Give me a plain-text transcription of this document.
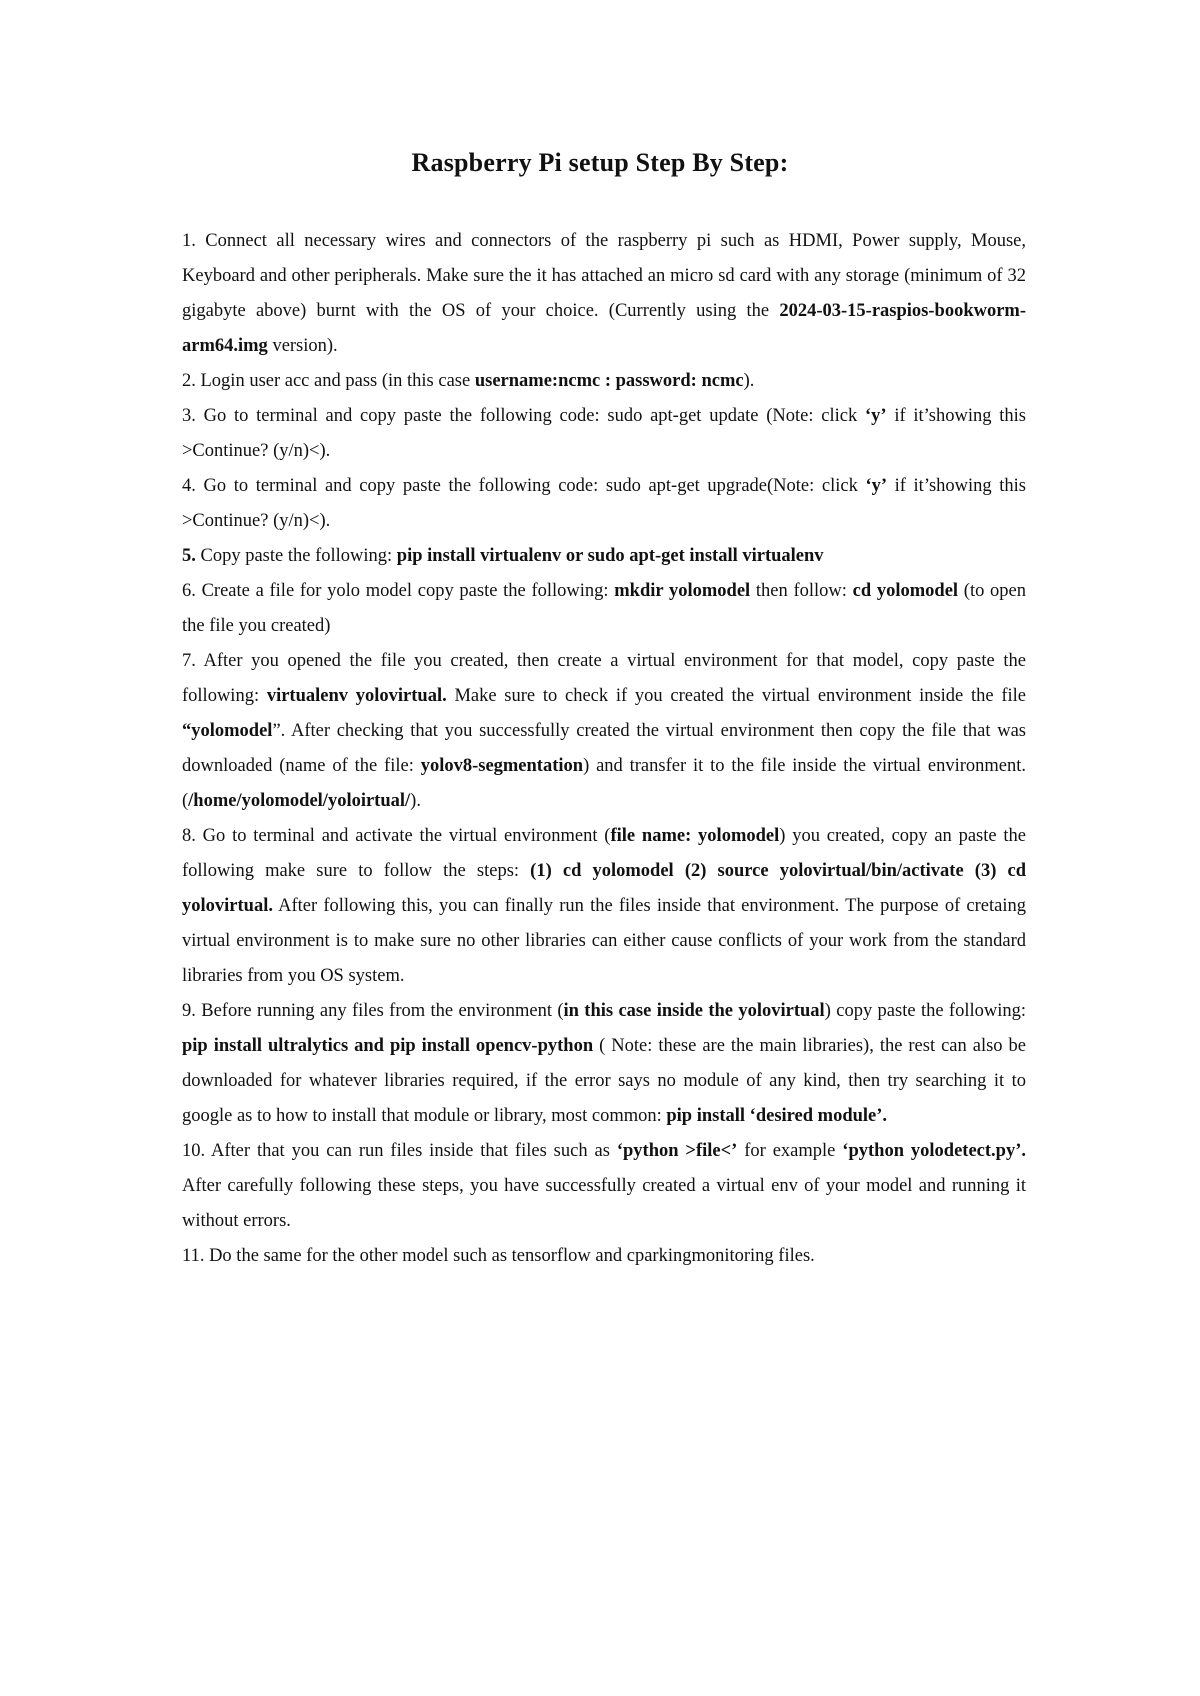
Raspberry Pi setup Step By Step:

1. Connect all necessary wires and connectors of the raspberry pi such as HDMI, Power supply, Mouse, Keyboard and other peripherals. Make sure the it has attached an micro sd card with any storage (minimum of 32 gigabyte above) burnt with the OS of your choice. (Currently using the 2024-03-15-raspios-bookworm-arm64.img version).

2. Login user acc and pass (in this case username:ncmc : password: ncmc).

3. Go to terminal and copy paste the following code: sudo apt-get update (Note: click ‘y’ if it’showing this >Continue? (y/n)<).

4. Go to terminal and copy paste the following code: sudo apt-get upgrade(Note: click ‘y’ if it’showing this >Continue? (y/n)<).

5. Copy paste the following: pip install virtualenv or sudo apt-get install virtualenv

6. Create a file for yolo model copy paste the following: mkdir yolomodel then follow: cd yolomodel (to open the file you created)

7. After you opened the file you created, then create a virtual environment for that model, copy paste the following: virtualenv yolovirtual. Make sure to check if you created the virtual environment inside the file “yolomodel”. After checking that you successfully created the virtual environment then copy the file that was downloaded (name of the file: yolov8-segmentation) and transfer it to the file inside the virtual environment. (/home/yolomodel/yoloirtual/).

8. Go to terminal and activate the virtual environment (file name: yolomodel) you created, copy an paste the following make sure to follow the steps: (1) cd yolomodel (2) source yolovirtual/bin/activate (3) cd yolovirtual. After following this, you can finally run the files inside that environment. The purpose of cretaing virtual environment is to make sure no other libraries can either cause conflicts of your work from the standard libraries from you OS system.

9. Before running any files from the environment (in this case inside the yolovirtual) copy paste the following: pip install ultralytics and pip install opencv-python ( Note: these are the main libraries), the rest can also be downloaded for whatever libraries required, if the error says no module of any kind, then try searching it to google as to how to install that module or library, most common: pip install ‘desired module’.

10. After that you can run files inside that files such as ‘python >file<’ for example ‘python yolodetect.py’. After carefully following these steps, you have successfully created a virtual env of your model and running it without errors.

11. Do the same for the other model such as tensorflow and cparkingmonitoring files.
